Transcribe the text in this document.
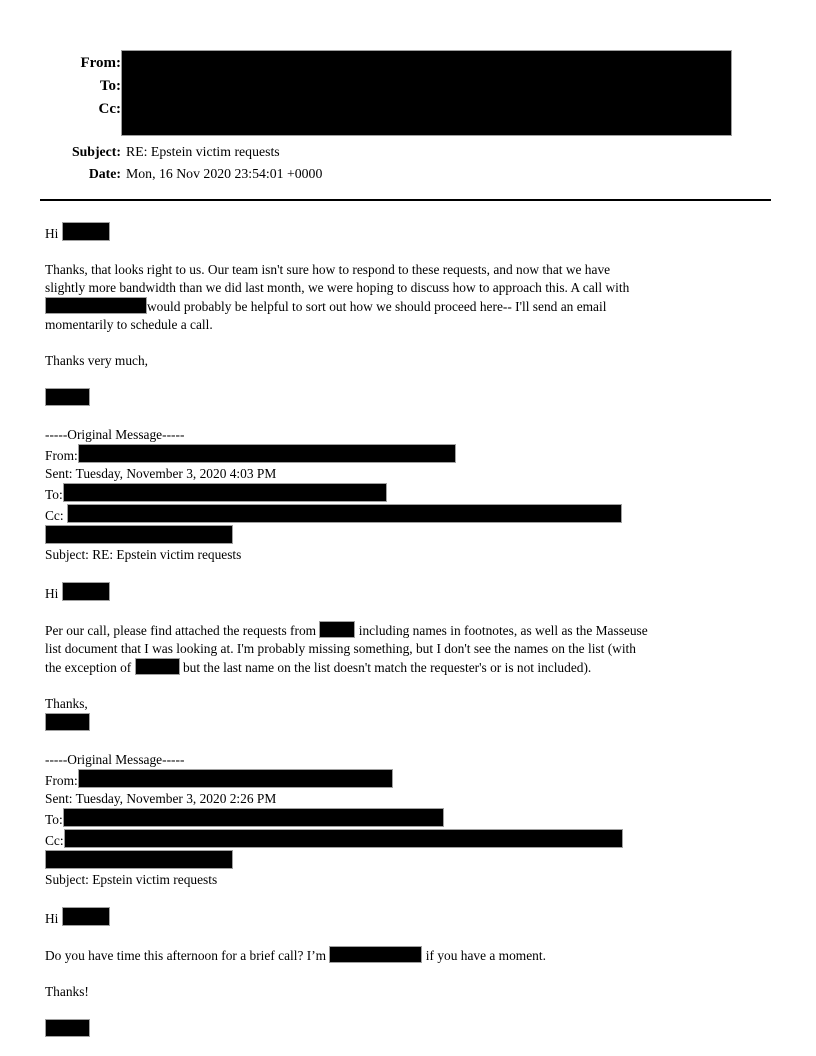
From:
To:
Cc:
Subject: RE: Epstein victim requests
Date: Mon, 16 Nov 2020 23:54:01 +0000
Hi

Thanks, that looks right to us. Our team isn't sure how to respond to these requests, and now that we have
slightly more bandwidth than we did last month, we were hoping to discuss how to approach this. A call with
would probably be helpful to sort out how we should proceed here-- I'll send an email
momentarily to schedule a call.

Thanks very much,

-----Original Message-----
From:
Sent: Tuesday, November 3, 2020 4:03 PM
To:
Cc:
Subject: RE: Epstein victim requests

Hi

Per our call, please find attached the requests from	including names in footnotes, as well as the Masseuse
list document that I was looking at. I'm probably missing something, but I don't see the names on the list (with
the exception of	but the last name on the list doesn't match the requester's or is not included).

Thanks,

-----Original Message-----
From:
Sent: Tuesday, November 3, 2020 2:26 PM
To:
Cc:
Subject: Epstein victim requests

Hi

Do you have time this afternoon for a brief call? I’m	if you have a moment.

Thanks!
